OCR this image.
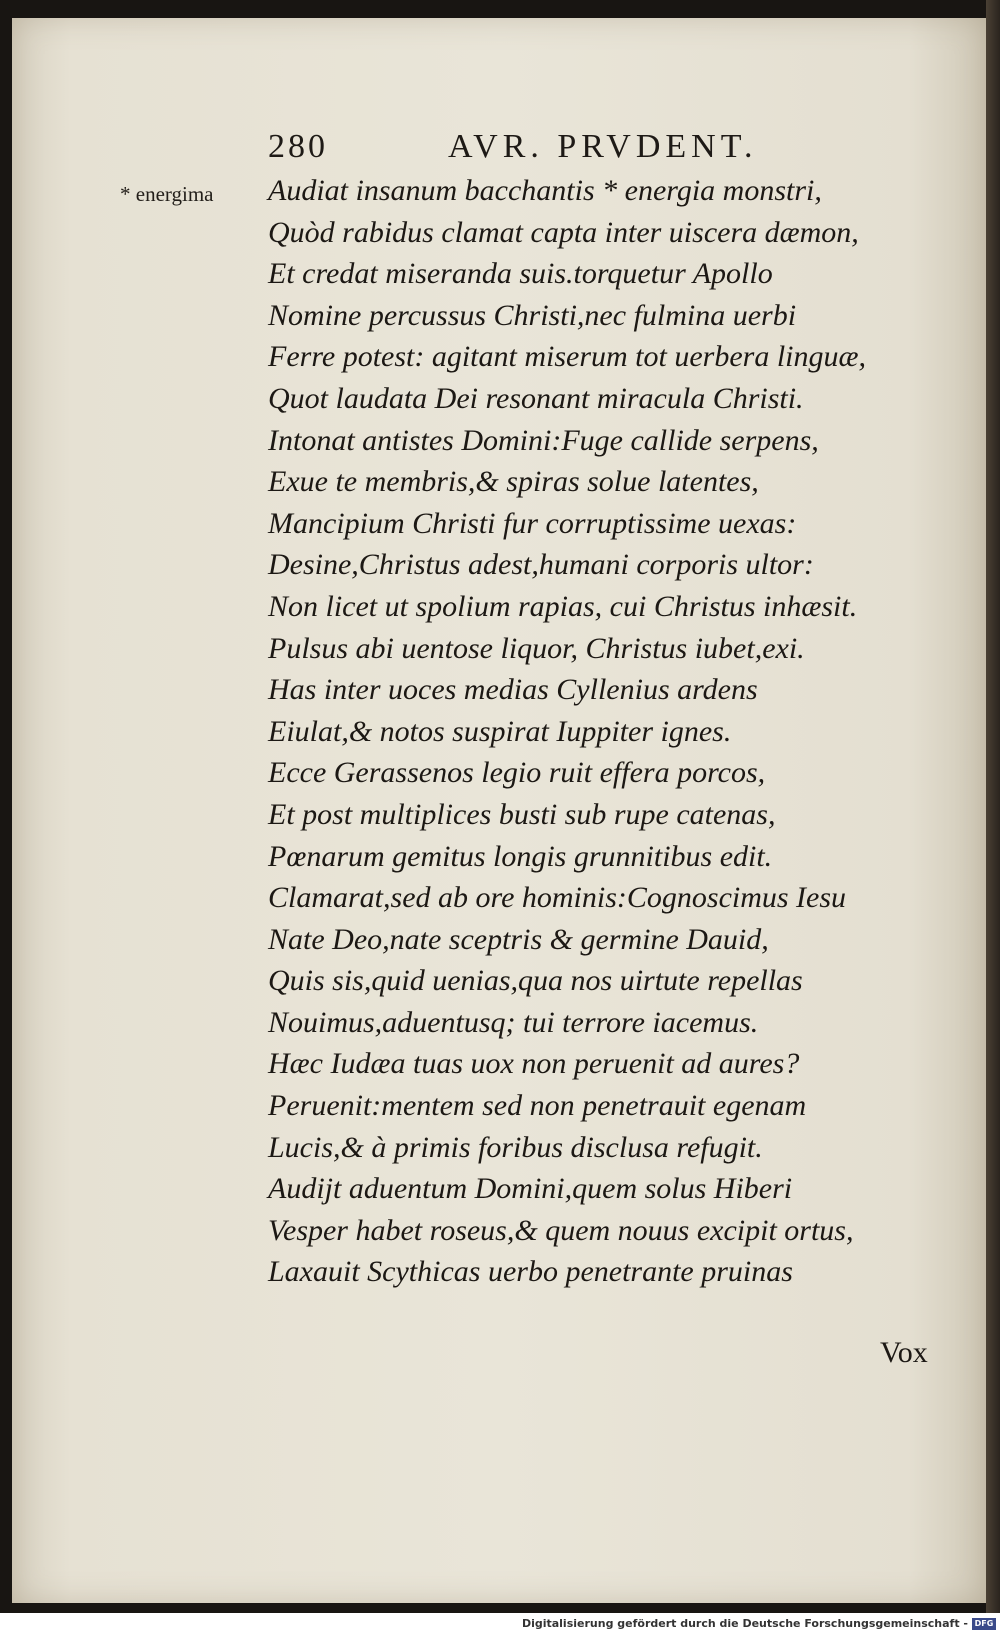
280	AVR. PRVDENT.
* energima Audiat insanum bacchantis * energia monstri,
Quòd rabidus clamat capta inter uiscera dæmon,
Et credat miseranda suis.torquetur Apollo
Nomine percussus Christi,nec fulmina uerbi
Ferre potest: agitant miserum tot uerbera linguæ,
Quot laudata Dei resonant miracula Christi.
Intonat antistes Domini:Fuge callide serpens,
Exue te membris,& spiras solue latentes,
Mancipium Christi fur corruptissime uexas:
Desine,Christus adest,humani corporis ultor:
Non licet ut spolium rapias, cui Christus inhæsit.
Pulsus abi uentose liquor, Christus iubet,exi.
Has inter uoces medias Cyllenius ardens
Eiulat,& notos suspirat Iuppiter ignes.
Ecce Gerassenos legio ruit effera porcos,
Et post multiplices busti sub rupe catenas,
Pœnarum gemitus longis grunnitibus edit.
Clamarat,sed ab ore hominis:Cognoscimus Iesu
Nate Deo,nate sceptris & germine Dauid,
Quis sis,quid uenias,qua nos uirtute repellas
Nouimus,aduentusq; tui terrore iacemus.
Hæc Iudæa tuas uox non peruenit ad aures?
Peruenit:mentem sed non penetrauit egenam
Lucis,& à primis foribus disclusa refugit.
Audijt aduentum Domini,quem solus Hiberi
Vesper habet roseus,& quem nouus excipit ortus,
Laxauit Scythicas uerbo penetrante pruinas
Vox
Digitalisierung gefördert durch die Deutsche Forschungsgemeinschaft - DFG
